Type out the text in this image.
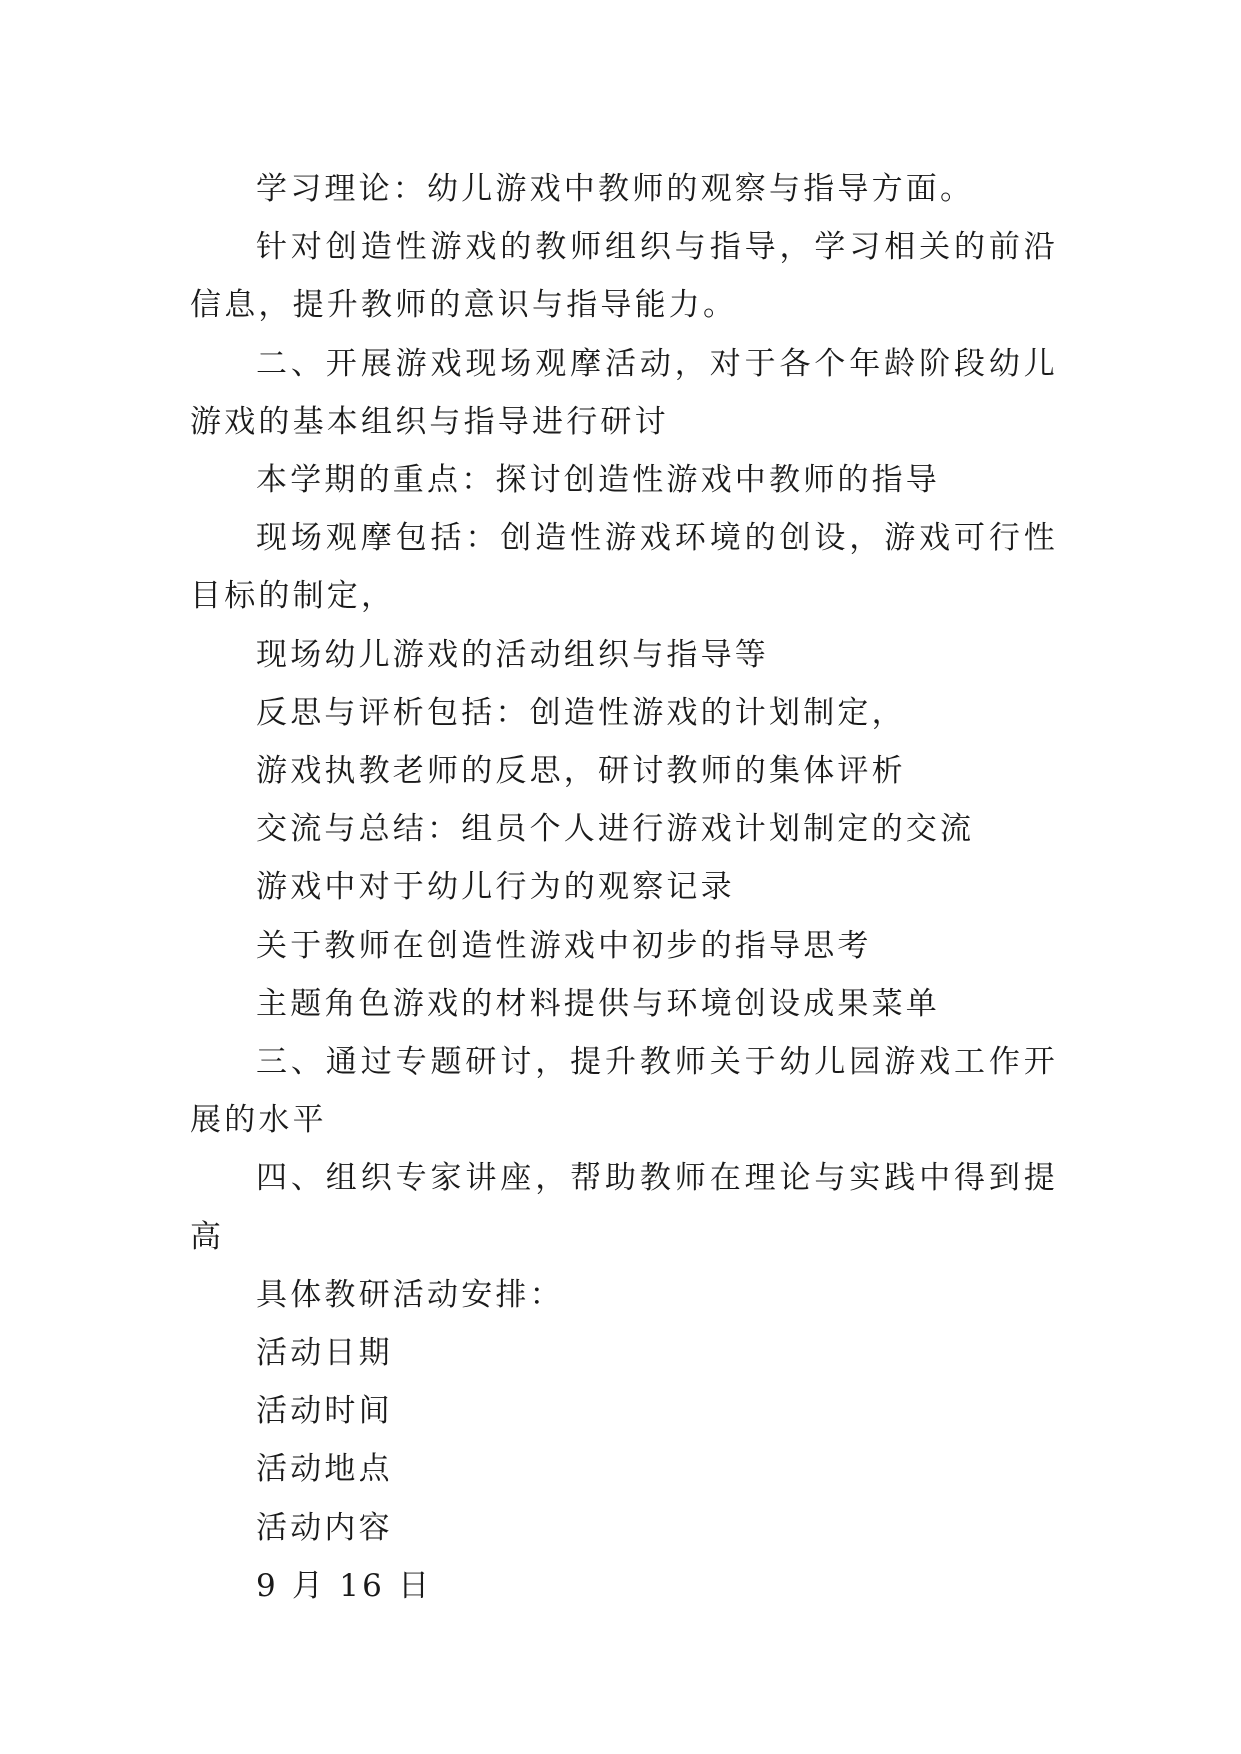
学习理论：幼儿游戏中教师的观察与指导方面。

针对创造性游戏的教师组织与指导，学习相关的前沿信息，提升教师的意识与指导能力。

二、开展游戏现场观摩活动，对于各个年龄阶段幼儿游戏的基本组织与指导进行研讨

本学期的重点：探讨创造性游戏中教师的指导

现场观摩包括：创造性游戏环境的创设，游戏可行性目标的制定，

现场幼儿游戏的活动组织与指导等

反思与评析包括：创造性游戏的计划制定，

游戏执教老师的反思，研讨教师的集体评析

交流与总结：组员个人进行游戏计划制定的交流

游戏中对于幼儿行为的观察记录

关于教师在创造性游戏中初步的指导思考

主题角色游戏的材料提供与环境创设成果菜单

三、通过专题研讨，提升教师关于幼儿园游戏工作开展的水平

四、组织专家讲座，帮助教师在理论与实践中得到提高

具体教研活动安排：

活动日期

活动时间

活动地点

活动内容

9 月 16 日
